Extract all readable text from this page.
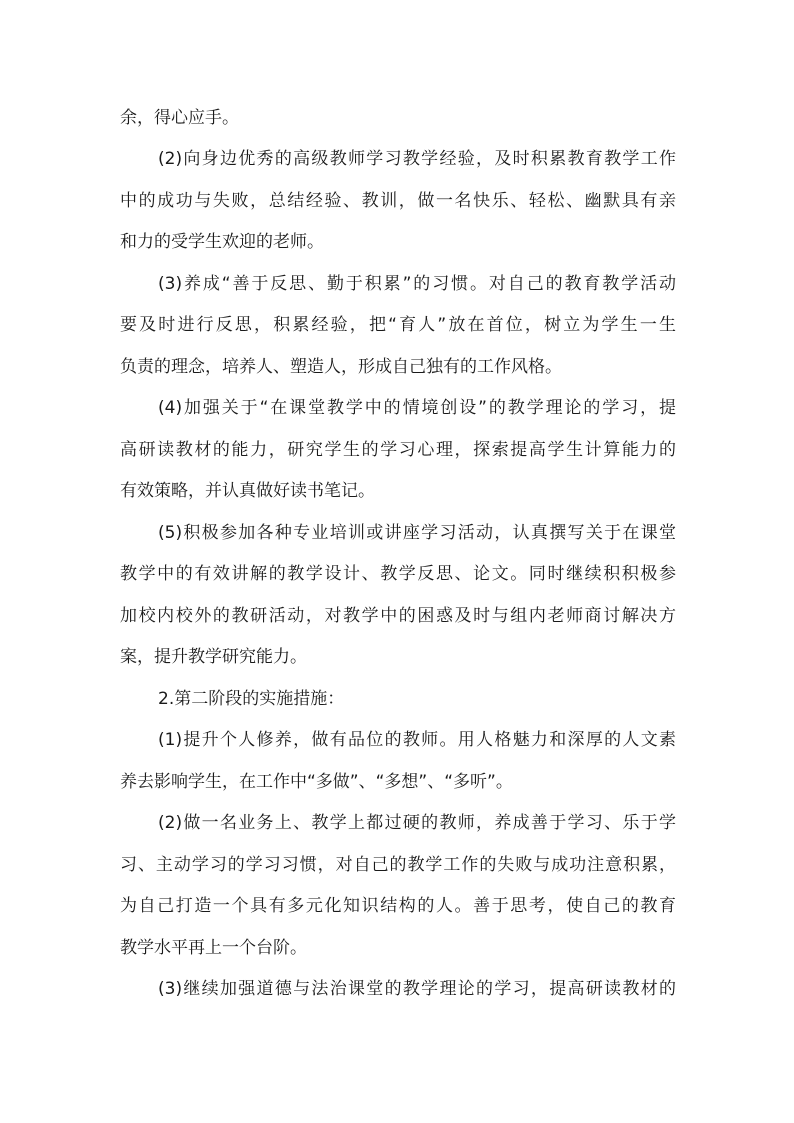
余，得心应手。
(2)向身边优秀的高级教师学习教学经验，及时积累教育教学工作
中的成功与失败，总结经验、教训，做一名快乐、轻松、幽默具有亲
和力的受学生欢迎的老师。
(3)养成“善于反思、勤于积累”的习惯。对自己的教育教学活动
要及时进行反思，积累经验，把“育人”放在首位，树立为学生一生
负责的理念，培养人、塑造人，形成自己独有的工作风格。
(4)加强关于“在课堂教学中的情境创设”的教学理论的学习，提
高研读教材的能力，研究学生的学习心理，探索提高学生计算能力的
有效策略，并认真做好读书笔记。
(5)积极参加各种专业培训或讲座学习活动，认真撰写关于在课堂
教学中的有效讲解的教学设计、教学反思、论文。同时继续积积极参
加校内校外的教研活动，对教学中的困惑及时与组内老师商讨解决方
案，提升教学研究能力。
2.第二阶段的实施措施：
(1)提升个人修养，做有品位的教师。用人格魅力和深厚的人文素
养去影响学生，在工作中“多做”、“多想”、“多听”。
(2)做一名业务上、教学上都过硬的教师，养成善于学习、乐于学
习、主动学习的学习习惯，对自己的教学工作的失败与成功注意积累，
为自己打造一个具有多元化知识结构的人。善于思考，使自己的教育
教学水平再上一个台阶。
(3)继续加强道德与法治课堂的教学理论的学习，提高研读教材的
